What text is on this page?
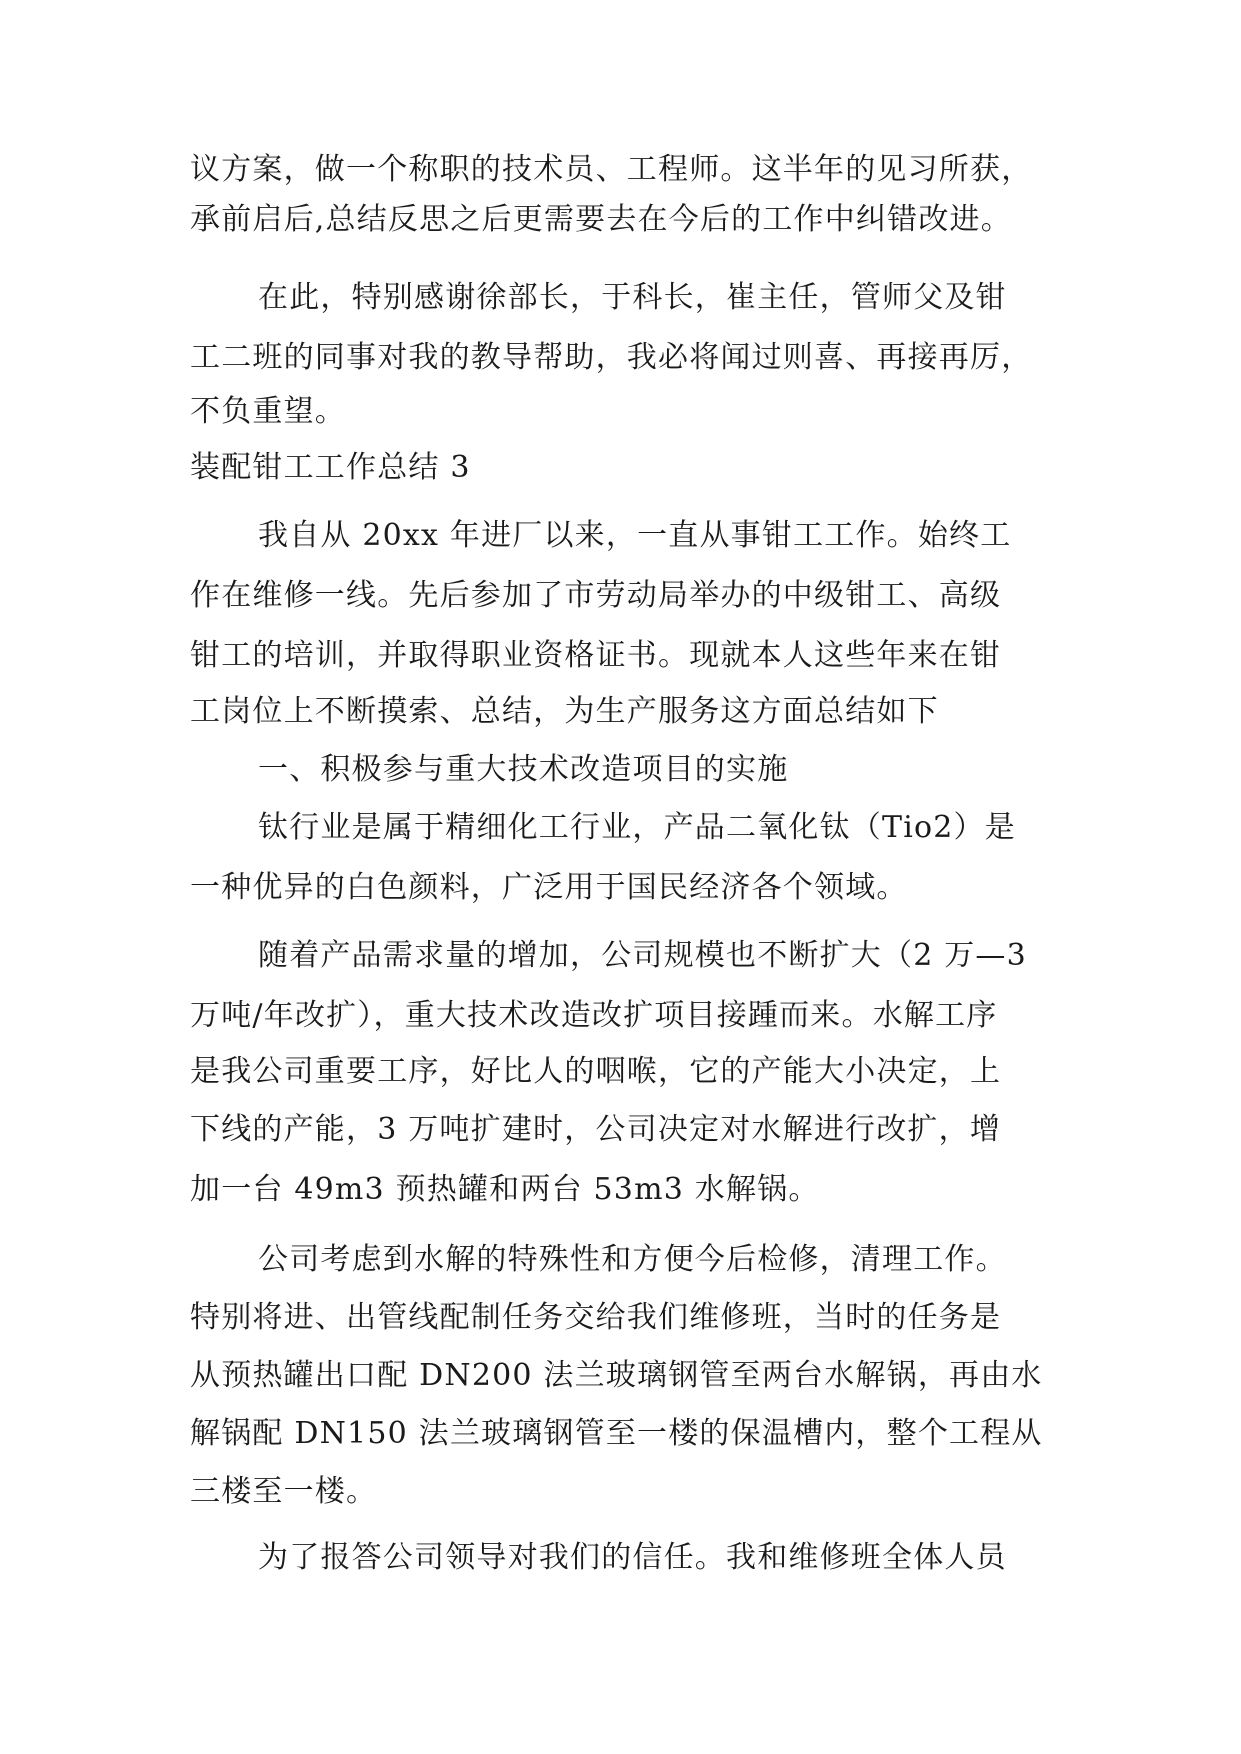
议方案，做一个称职的技术员、工程师。这半年的见习所获，
承前启后,总结反思之后更需要去在今后的工作中纠错改进。
在此，特别感谢徐部长，于科长，崔主任，管师父及钳
工二班的同事对我的教导帮助，我必将闻过则喜、再接再厉，
不负重望。
装配钳工工作总结 3
我自从 20xx 年进厂以来，一直从事钳工工作。始终工
作在维修一线。先后参加了市劳动局举办的中级钳工、高级
钳工的培训，并取得职业资格证书。现就本人这些年来在钳
工岗位上不断摸索、总结，为生产服务这方面总结如下
一、积极参与重大技术改造项目的实施
钛行业是属于精细化工行业，产品二氧化钛（Tio2）是
一种优异的白色颜料，广泛用于国民经济各个领域。
随着产品需求量的增加，公司规模也不断扩大（2 万—3
万吨/年改扩），重大技术改造改扩项目接踵而来。水解工序
是我公司重要工序，好比人的咽喉，它的产能大小决定，上
下线的产能，3 万吨扩建时，公司决定对水解进行改扩，增
加一台 49m3 预热罐和两台 53m3 水解锅。
公司考虑到水解的特殊性和方便今后检修，清理工作。
特别将进、出管线配制任务交给我们维修班，当时的任务是
从预热罐出口配 DN200 法兰玻璃钢管至两台水解锅，再由水
解锅配 DN150 法兰玻璃钢管至一楼的保温槽内，整个工程从
三楼至一楼。
为了报答公司领导对我们的信任。我和维修班全体人员
